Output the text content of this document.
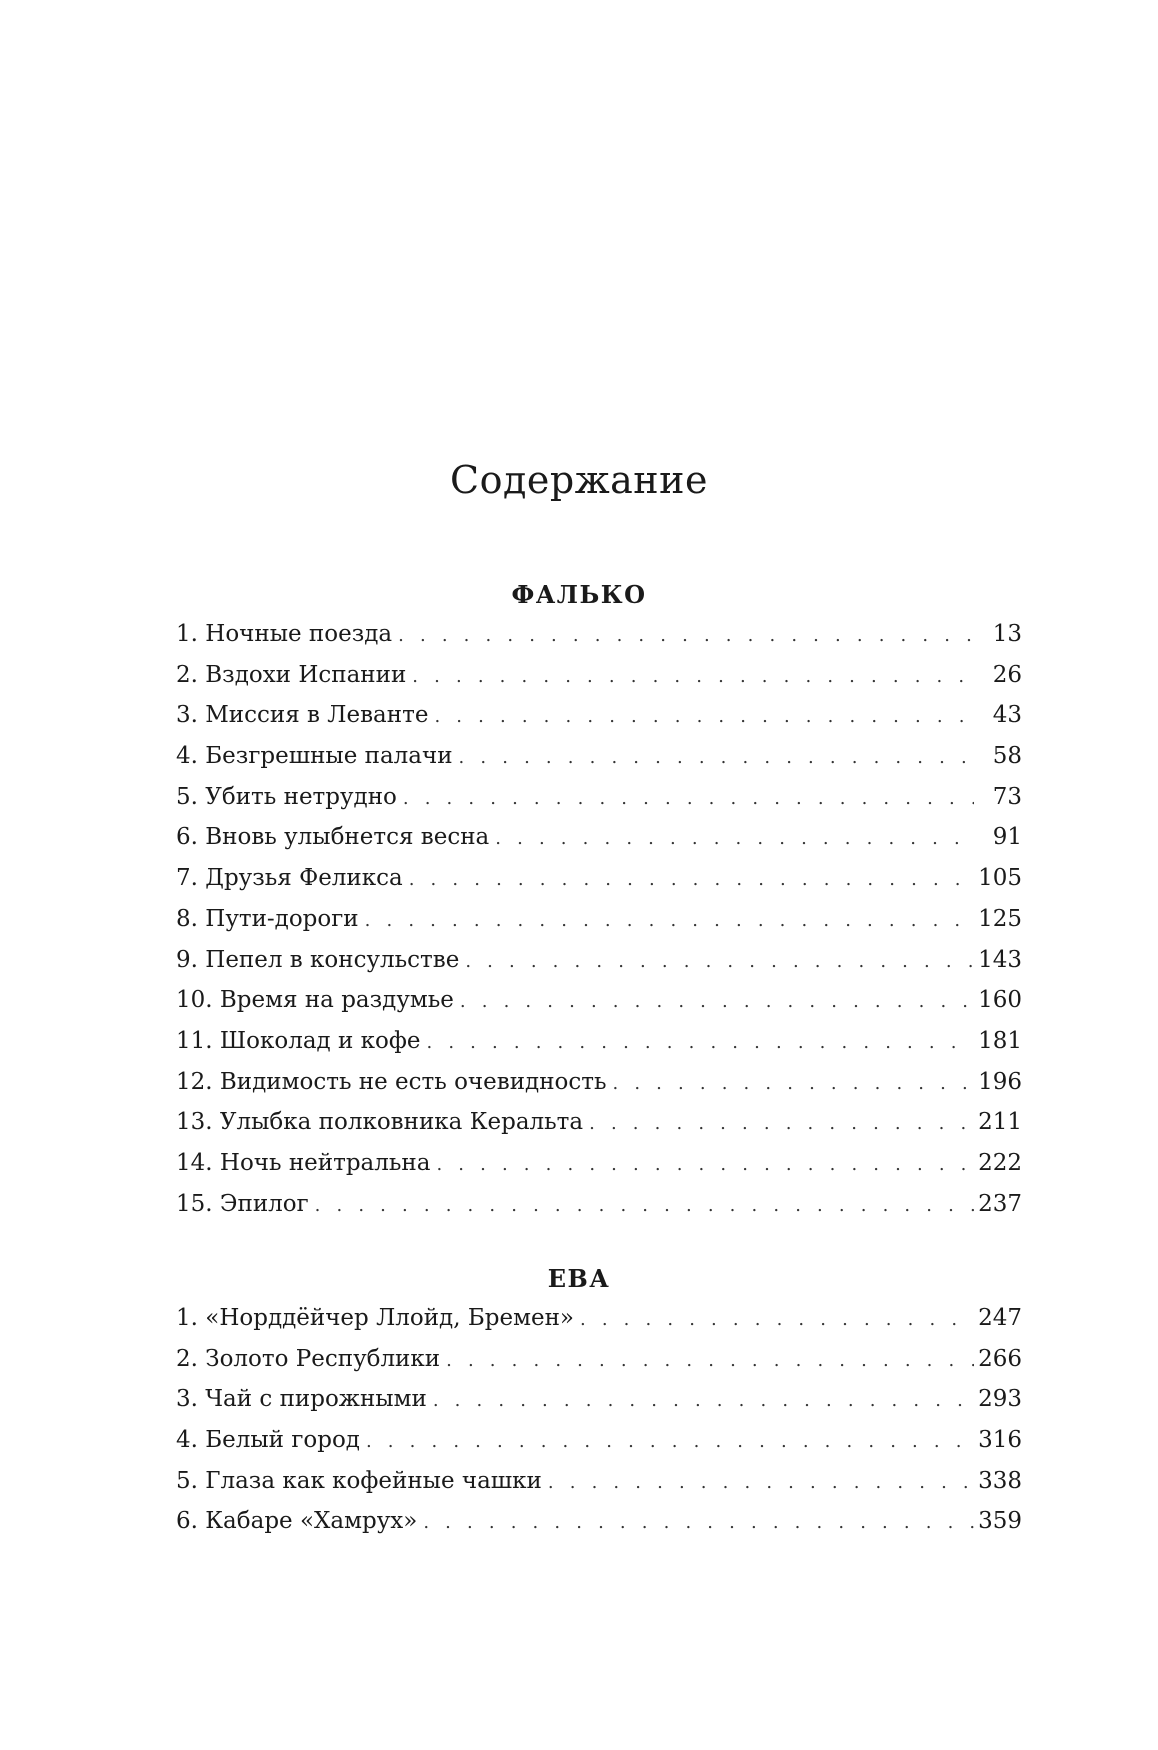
Содержание
ФАЛЬКО
1. Ночные поезда . . .	13
2. Вздохи Испании . . .	26
3. Миссия в Леванте . . .	43
4. Безгрешные палачи . . .	58
5. Убить нетрудно . . .	73
6. Вновь улыбнется весна . . .	91
7. Друзья Феликса . . .	105
8. Пути-дороги . . .	125
9. Пепел в консульстве . . .	143
10. Время на раздумье . . .	160
11. Шоколад и кофе . . .	181
12. Видимость не есть очевидность . . .	196
13. Улыбка полковника Керальта . . .	211
14. Ночь нейтральна . . .	222
15. Эпилог . . .	237
ЕВА
1. «Норддёйчер Ллойд, Бремен» . . .	247
2. Золото Республики . . .	266
3. Чай с пирожными . . .	293
4. Белый город . . .	316
5. Глаза как кофейные чашки . . .	338
6. Кабаре «Хамрух» . . .	359
